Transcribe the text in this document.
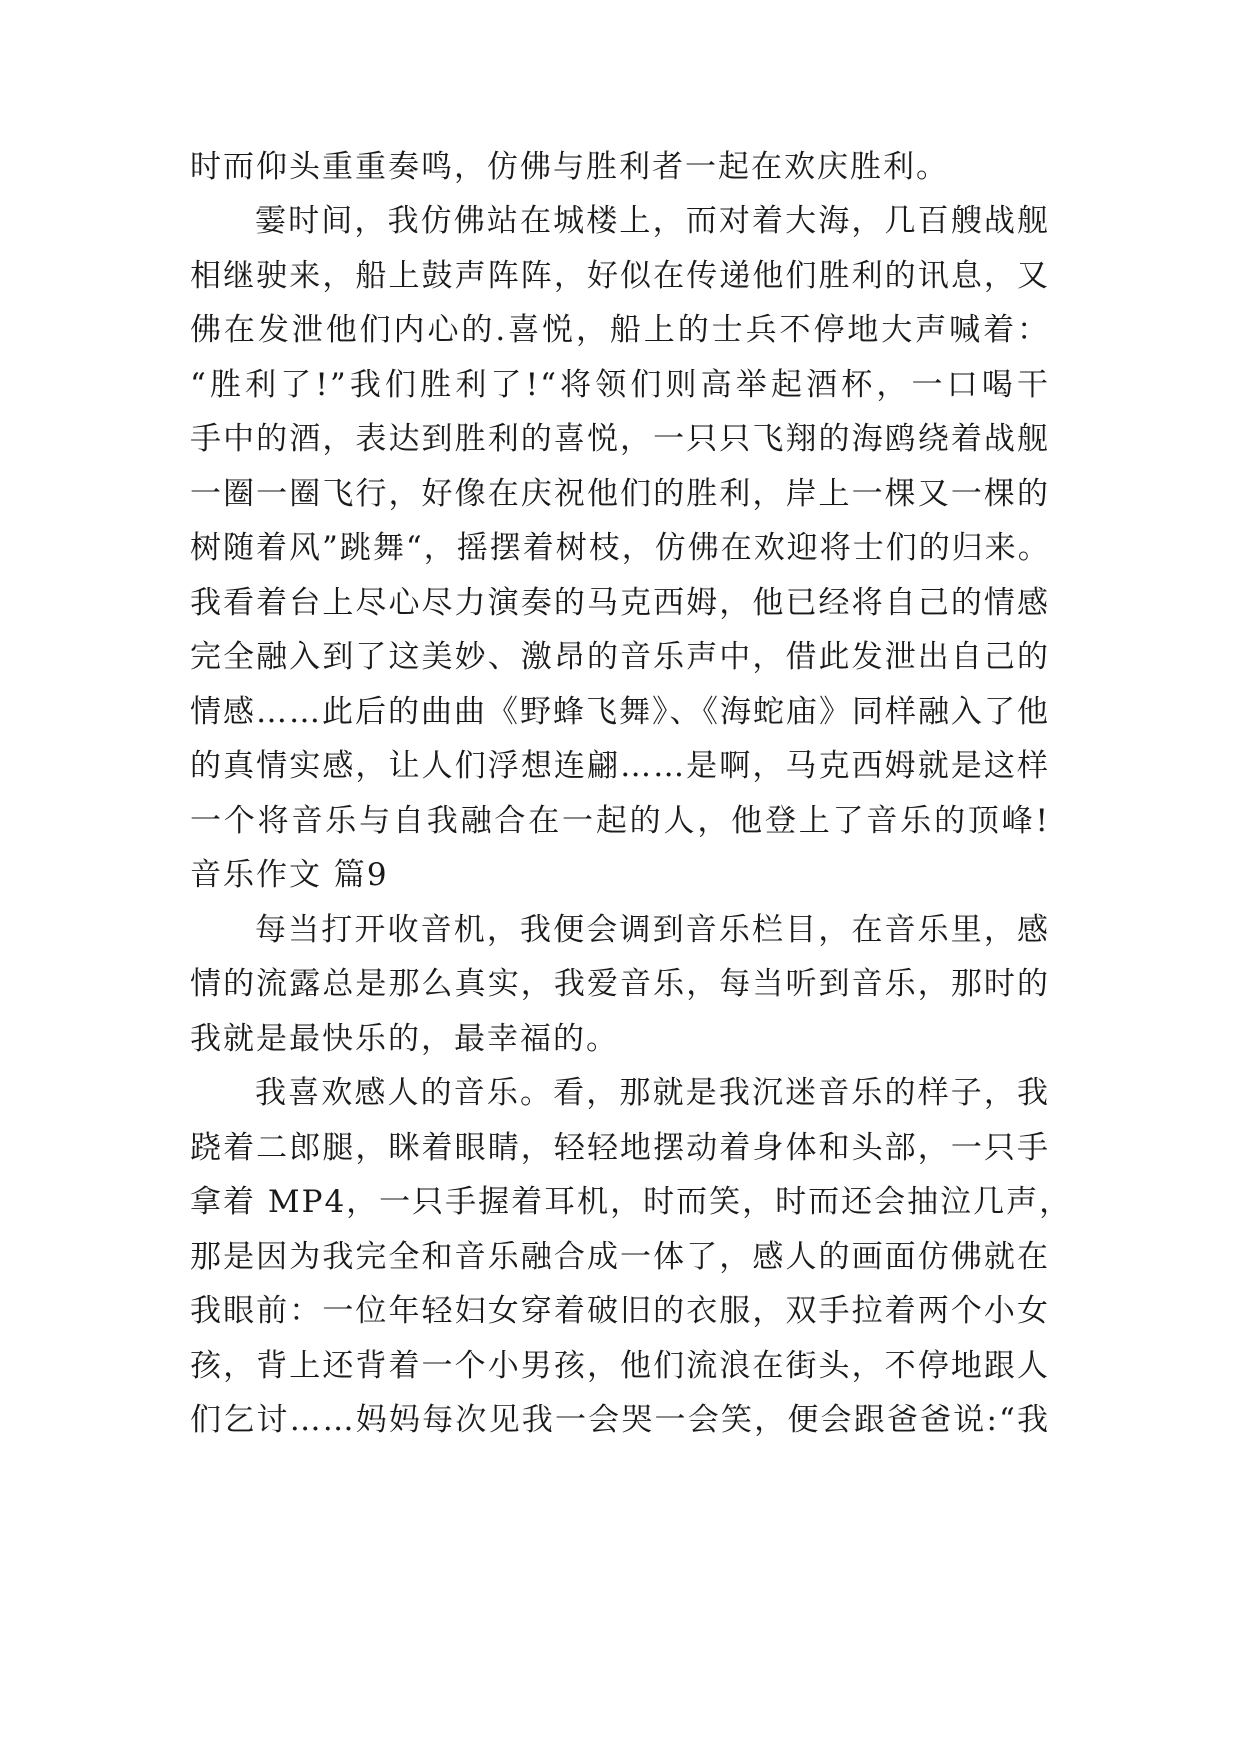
时而仰头重重奏鸣，仿佛与胜利者一起在欢庆胜利。
霎时间，我仿佛站在城楼上，而对着大海，几百艘战舰
相继驶来，船上鼓声阵阵，好似在传递他们胜利的讯息，又
佛在发泄他们内心的.喜悦，船上的士兵不停地大声喊着：
“胜利了!”我们胜利了!“将领们则高举起酒杯，一口喝干
手中的酒，表达到胜利的喜悦，一只只飞翔的海鸥绕着战舰
一圈一圈飞行，好像在庆祝他们的胜利，岸上一棵又一棵的
树随着风”跳舞“，摇摆着树枝，仿佛在欢迎将士们的归来。
我看着台上尽心尽力演奏的马克西姆，他已经将自己的情感
完全融入到了这美妙、激昂的音乐声中，借此发泄出自己的
情感……此后的曲曲《野蜂飞舞》、《海蛇庙》同样融入了他
的真情实感，让人们浮想连翩……是啊，马克西姆就是这样
一个将音乐与自我融合在一起的人，他登上了音乐的顶峰!
音乐作文 篇9
每当打开收音机，我便会调到音乐栏目，在音乐里，感
情的流露总是那么真实，我爱音乐，每当听到音乐，那时的
我就是最快乐的，最幸福的。
我喜欢感人的音乐。看，那就是我沉迷音乐的样子，我
跷着二郎腿，眯着眼睛，轻轻地摆动着身体和头部，一只手
拿着 MP4，一只手握着耳机，时而笑，时而还会抽泣几声，
那是因为我完全和音乐融合成一体了，感人的画面仿佛就在
我眼前：一位年轻妇女穿着破旧的衣服，双手拉着两个小女
孩，背上还背着一个小男孩，他们流浪在街头，不停地跟人
们乞讨……妈妈每次见我一会哭一会笑，便会跟爸爸说:“我
